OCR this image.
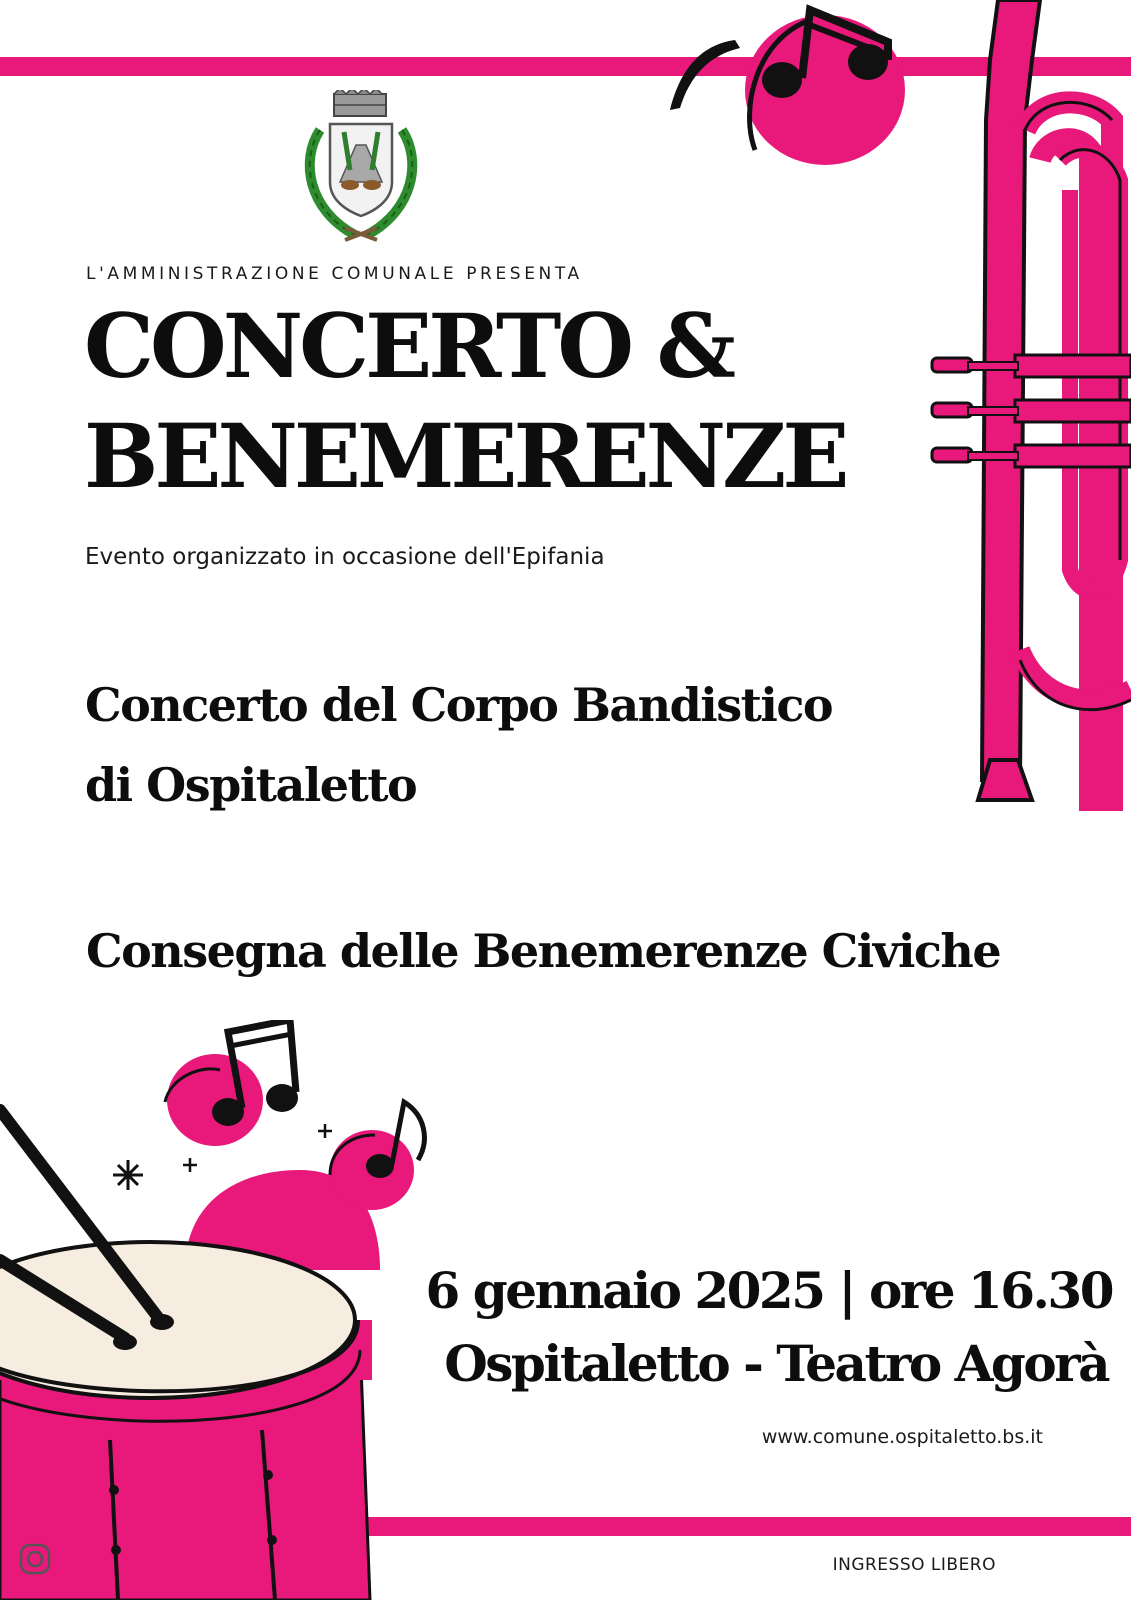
L'AMMINISTRAZIONE COMUNALE PRESENTA
CONCERTO &
BENEMERENZE
Evento organizzato in occasione dell'Epifania
Concerto del Corpo Bandistico
di Ospitaletto
Consegna delle Benemerenze Civiche
6 gennaio 2025 | ore 16.30
Ospitaletto - Teatro Agorà
www.comune.ospitaletto.bs.it
INGRESSO LIBERO
